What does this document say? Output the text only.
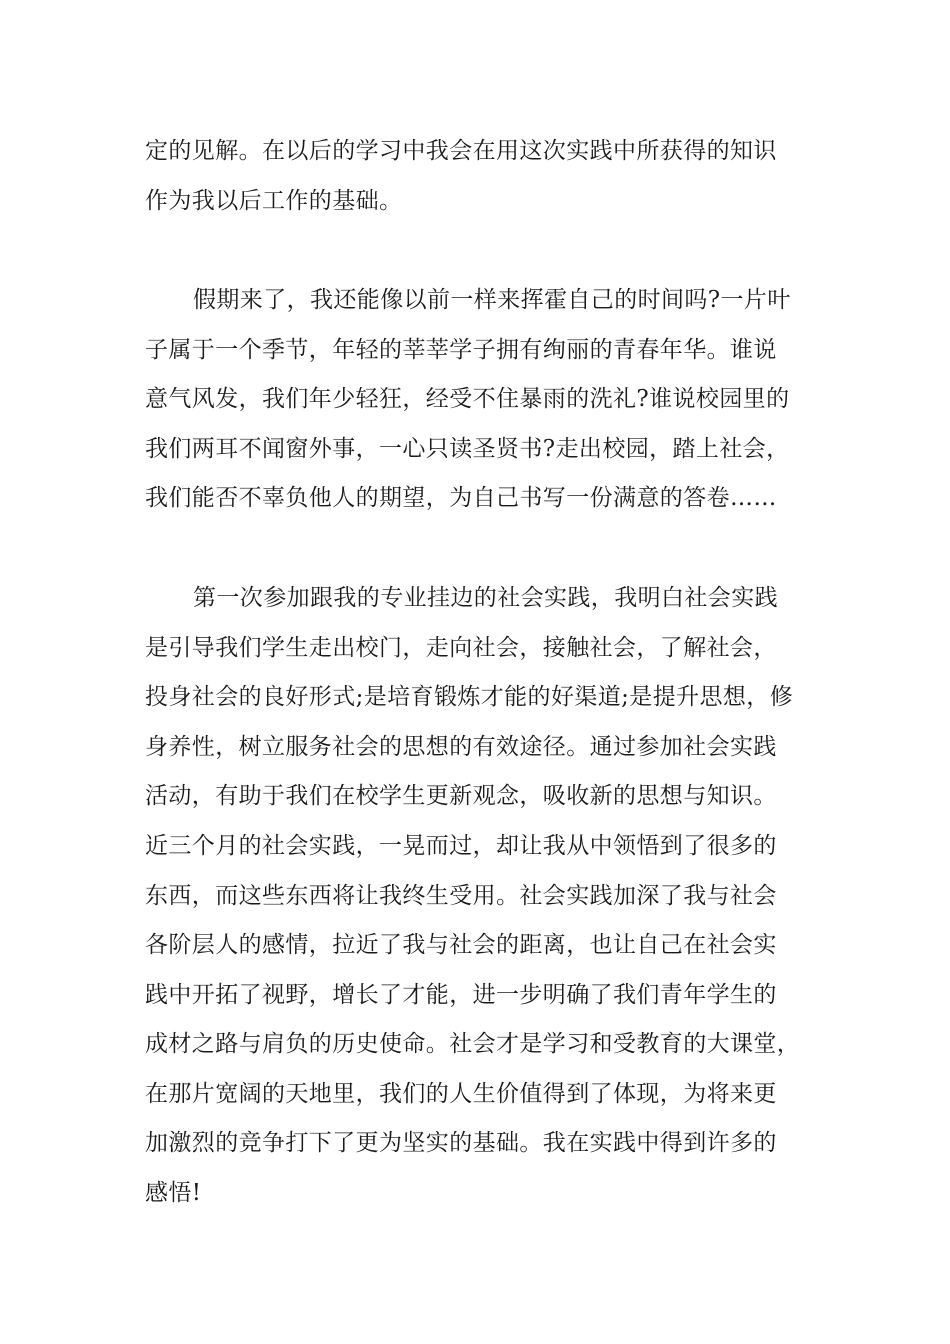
定的见解。在以后的学习中我会在用这次实践中所获得的知识
作为我以后工作的基础。
假期来了，我还能像以前一样来挥霍自己的时间吗?一片叶
子属于一个季节，年轻的莘莘学子拥有绚丽的青春年华。谁说
意气风发，我们年少轻狂，经受不住暴雨的洗礼?谁说校园里的
我们两耳不闻窗外事，一心只读圣贤书?走出校园，踏上社会，
我们能否不辜负他人的期望，为自己书写一份满意的答卷……
第一次参加跟我的专业挂边的社会实践，我明白社会实践
是引导我们学生走出校门，走向社会，接触社会，了解社会，
投身社会的良好形式;是培育锻炼才能的好渠道;是提升思想，修
身养性，树立服务社会的思想的有效途径。通过参加社会实践
活动，有助于我们在校学生更新观念，吸收新的思想与知识。
近三个月的社会实践，一晃而过，却让我从中领悟到了很多的
东西，而这些东西将让我终生受用。社会实践加深了我与社会
各阶层人的感情，拉近了我与社会的距离，也让自己在社会实
践中开拓了视野，增长了才能，进一步明确了我们青年学生的
成材之路与肩负的历史使命。社会才是学习和受教育的大课堂，
在那片宽阔的天地里，我们的人生价值得到了体现，为将来更
加激烈的竞争打下了更为坚实的基础。我在实践中得到许多的
感悟!
